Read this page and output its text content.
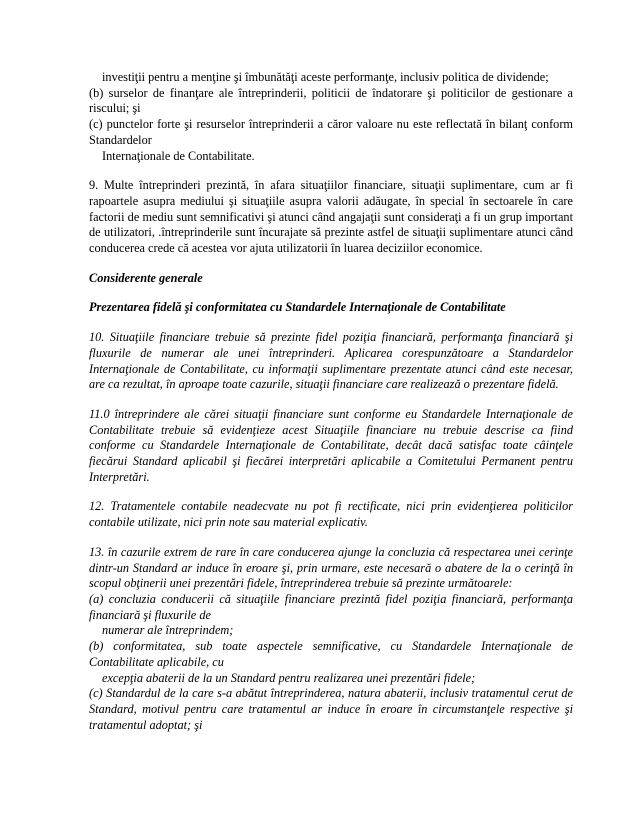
investiţii pentru a menţine şi îmbunătăţi aceste performanţe, inclusiv politica de dividende;

(b) surselor de finanţare ale întreprinderii, politicii de îndatorare şi politicilor de gestionare a riscului; şi

(c) punctelor forte şi resurselor întreprinderii a căror valoare nu este reflectată în bilanţ conform Standardelor

Internaţionale de Contabilitate.

9. Multe întreprinderi prezintă, în afara situaţiilor financiare, situaţii suplimentare, cum ar fi rapoartele asupra mediului şi situaţiile asupra valorii adăugate, în special în sectoarele în care factorii de mediu sunt semnificativi şi atunci când angajaţii sunt consideraţi a fi un grup important de utilizatori, .întreprinderile sunt încurajate să prezinte astfel de situaţii suplimentare atunci când conducerea crede că acestea vor ajuta utilizatorii în luarea deciziilor economice.

Considerente generale

Prezentarea fidelă şi conformitatea cu Standardele Internaţionale de Contabilitate

10. Situaţiile financiare trebuie să prezinte fidel poziţia financiară, performanţa financiară şi fluxurile de numerar ale unei întreprinderi. Aplicarea corespunzătoare a Standardelor Internaţionale de Contabilitate, cu informaţii suplimentare prezentate atunci când este necesar, are ca rezultat, în aproape toate cazurile, situaţii financiare care realizează o prezentare fidelă.

11.0 întreprindere ale cărei situaţii financiare sunt conforme eu Standardele Internaţionale de Contabilitate trebuie să evidenţieze acest Situaţiile financiare nu trebuie descrise ca fiind conforme cu Standardele Internaţionale de Contabilitate, decât dacă satisfac toate câinţele fiecărui Standard aplicabil şi fiecărei interpretări aplicabile a Comitetului Permanent pentru Interpretări.

12. Tratamentele contabile neadecvate nu pot fi rectificate, nici prin evidenţierea politicilor contabile utilizate, nici prin note sau material explicativ.

13. în cazurile extrem de rare în care conducerea ajunge la concluzia că respectarea unei cerinţe dintr-un Standard ar induce în eroare şi, prin urmare, este necesară o abatere de la o cerinţă în scopul obţinerii unei prezentări fidele, întreprinderea trebuie să prezinte următoarele:

(a) concluzia conducerii că situaţiile financiare prezintă fidel poziţia financiară, performanţa financiară şi fluxurile de

numerar ale întreprindem;

(b) conformitatea, sub toate aspectele semnificative, cu Standardele Internaţionale de Contabilitate aplicabile, cu

excepţia abaterii de la un Standard pentru realizarea unei prezentări fidele;

(c) Standardul de la care s-a abătut întreprinderea, natura abaterii, inclusiv tratamentul cerut de Standard, motivul pentru care tratamentul ar induce în eroare în circumstanţele respective şi tratamentul adoptat; şi
